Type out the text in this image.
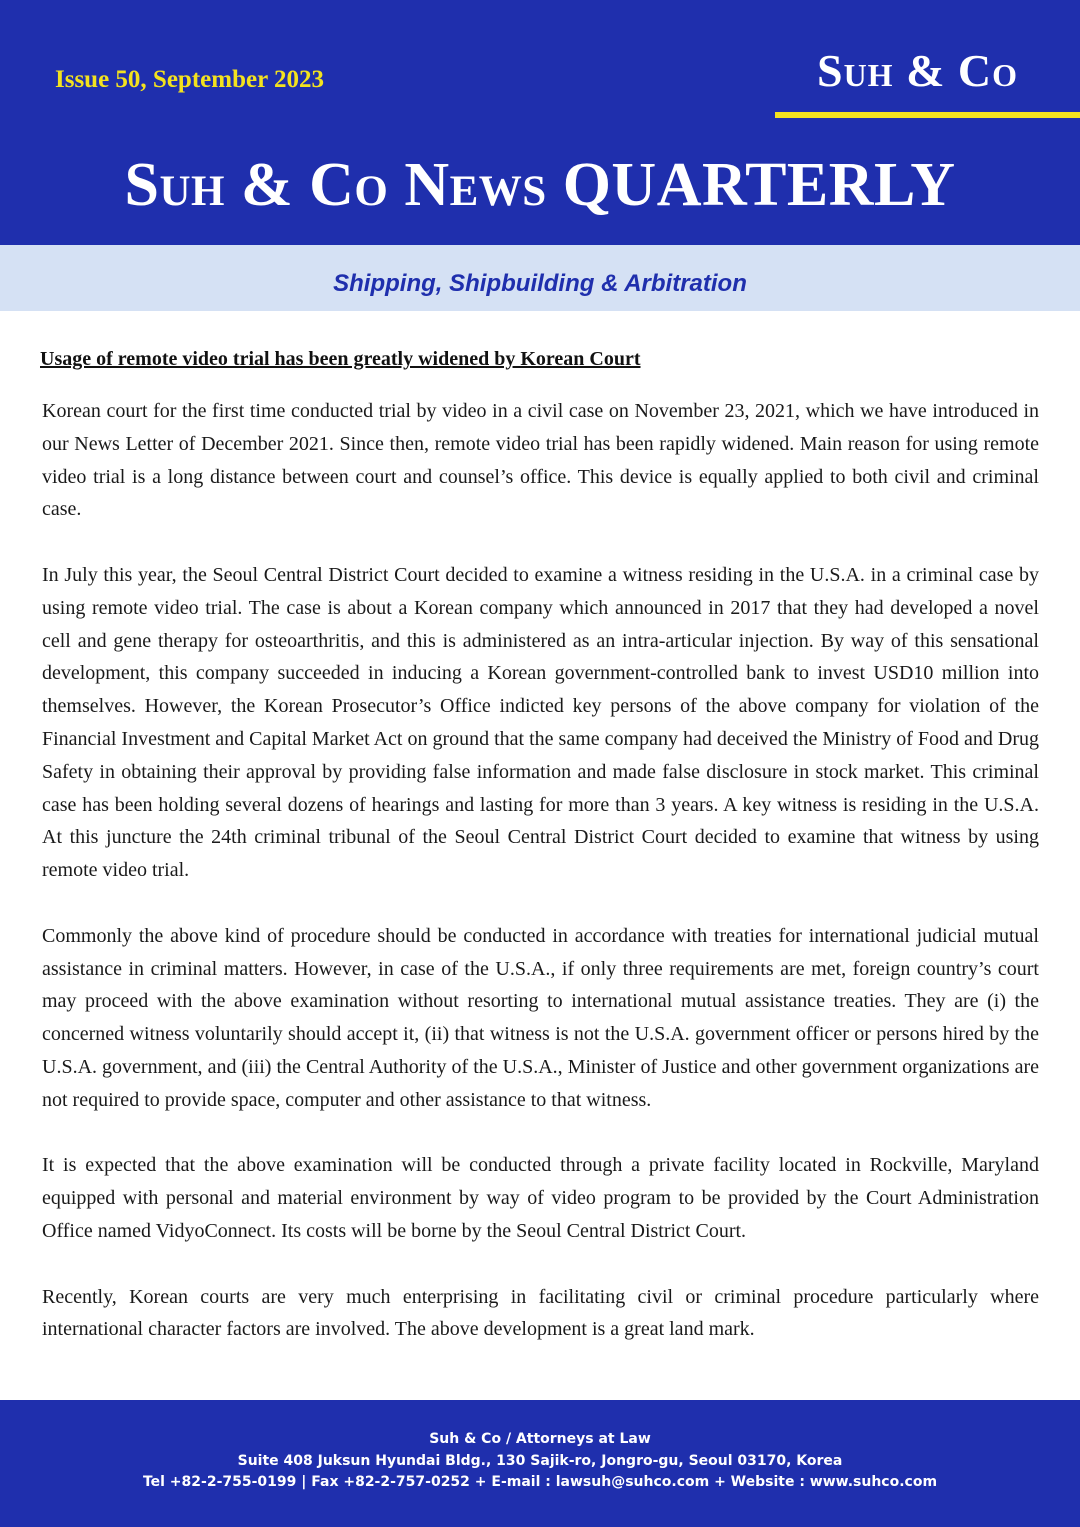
Issue 50, September 2023	Suh & Co
Suh & Co News QUARTERLY
Shipping, Shipbuilding & Arbitration
Usage of remote video trial has been greatly widened by Korean Court

Korean court for the first time conducted trial by video in a civil case on November 23, 2021, which we have introduced in our News Letter of December 2021. Since then, remote video trial has been rapidly widened. Main reason for using remote video trial is a long distance between court and counsel’s office. This device is equally applied to both civil and criminal case.

In July this year, the Seoul Central District Court decided to examine a witness residing in the U.S.A. in a criminal case by using remote video trial. The case is about a Korean company which announced in 2017 that they had developed a novel cell and gene therapy for osteoarthritis, and this is administered as an intra-articular injection. By way of this sensational development, this company succeeded in inducing a Korean government-controlled bank to invest USD10 million into themselves. However, the Korean Prosecutor’s Office indicted key persons of the above company for violation of the Financial Investment and Capital Market Act on ground that the same company had deceived the Ministry of Food and Drug Safety in obtaining their approval by providing false information and made false disclosure in stock market. This criminal case has been holding several dozens of hearings and lasting for more than 3 years. A key witness is residing in the U.S.A. At this juncture the 24th criminal tribunal of the Seoul Central District Court decided to examine that witness by using remote video trial.

Commonly the above kind of procedure should be conducted in accordance with treaties for international judicial mutual assistance in criminal matters. However, in case of the U.S.A., if only three requirements are met, foreign country’s court may proceed with the above examination without resorting to international mutual assistance treaties. They are (i) the concerned witness voluntarily should accept it, (ii) that witness is not the U.S.A. government officer or persons hired by the U.S.A. government, and (iii) the Central Authority of the U.S.A., Minister of Justice and other government organizations are not required to provide space, computer and other assistance to that witness.

It is expected that the above examination will be conducted through a private facility located in Rockville, Maryland equipped with personal and material environment by way of video program to be provided by the Court Administration Office named VidyoConnect. Its costs will be borne by the Seoul Central District Court.

Recently, Korean courts are very much enterprising in facilitating civil or criminal procedure particularly where international character factors are involved. The above development is a great land mark.

Suh & Co / Attorneys at Law
Suite 408 Juksun Hyundai Bldg., 130 Sajik-ro, Jongro-gu, Seoul 03170, Korea
Tel +82-2-755-0199 | Fax +82-2-757-0252 + E-mail : lawsuh@suhco.com + Website : www.suhco.com
